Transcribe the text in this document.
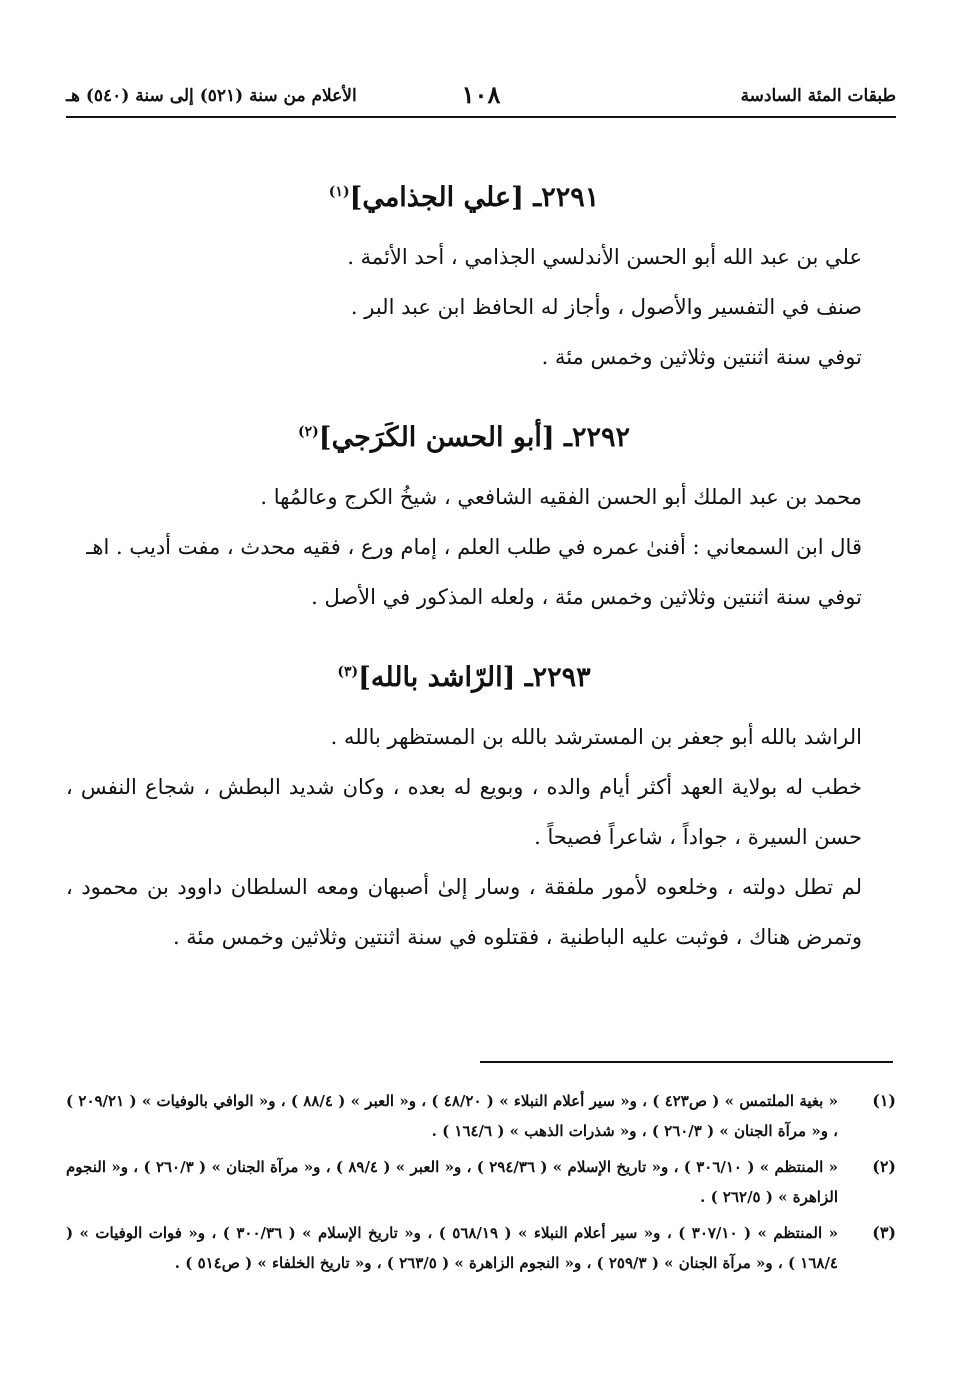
طبقات المئة السادسة
١٠٨
الأعلام من سنة (٥٢١) إلى سنة (٥٤٠) هـ
٢٢٩١ـ [علي الجذامي]$^{(١)}$

علي بن عبد الله أبو الحسن الأندلسي الجذامي ، أحد الأئمة .

صنف في التفسير والأصول ، وأجاز له الحافظ ابن عبد البر .

توفي سنة اثنتين وثلاثين وخمس مئة .

٢٢٩٢ـ [أبو الحسن الكَرَجي]$^{(٢)}$

محمد بن عبد الملك أبو الحسن الفقيه الشافعي ، شيخُ الكرج وعالمُها .

قال ابن السمعاني : أفنىٰ عمره في طلب العلم ، إمام ورع ، فقيه محدث ، مفت أديب . اهـ

توفي سنة اثنتين وثلاثين وخمس مئة ، ولعله المذكور في الأصل .

٢٢٩٣ـ [الرّاشد بالله]$^{(٣)}$

الراشد بالله أبو جعفر بن المسترشد بالله بن المستظهر بالله .

خطب له بولاية العهد أكثر أيام والده ، وبويع له بعده ، وكان شديد البطش ، شجاع النفس ، حسن السيرة ، جواداً ، شاعراً فصيحاً .

لم تطل دولته ، وخلعوه لأمور ملفقة ، وسار إلىٰ أصبهان ومعه السلطان داوود بن محمود ، وتمرض هناك ، فوثبت عليه الباطنية ، فقتلوه في سنة اثنتين وثلاثين وخمس مئة .

(١)
« بغية الملتمس » ( ص٤٢٣ ) ، و« سير أعلام النبلاء » ( ٤٨/٢٠ ) ، و« العبر » ( ٨٨/٤ ) ، و« الوافي بالوفيات » ( ٢٠٩/٢١ ) ، و« مرآة الجنان » ( ٢٦٠/٣ ) ، و« شذرات الذهب » ( ١٦٤/٦ ) .
(٢)
« المنتظم » ( ٣٠٦/١٠ ) ، و« تاريخ الإسلام » ( ٢٩٤/٣٦ ) ، و« العبر » ( ٨٩/٤ ) ، و« مرآة الجنان » ( ٢٦٠/٣ ) ، و« النجوم الزاهرة » ( ٢٦٢/٥ ) .
(٣)
« المنتظم » ( ٣٠٧/١٠ ) ، و« سير أعلام النبلاء » ( ٥٦٨/١٩ ) ، و« تاريخ الإسلام » ( ٣٠٠/٣٦ ) ، و« فوات الوفيات » ( ١٦٨/٤ ) ، و« مرآة الجنان » ( ٢٥٩/٣ ) ، و« النجوم الزاهرة » ( ٢٦٣/٥ ) ، و« تاريخ الخلفاء » ( ص٥١٤ ) .
